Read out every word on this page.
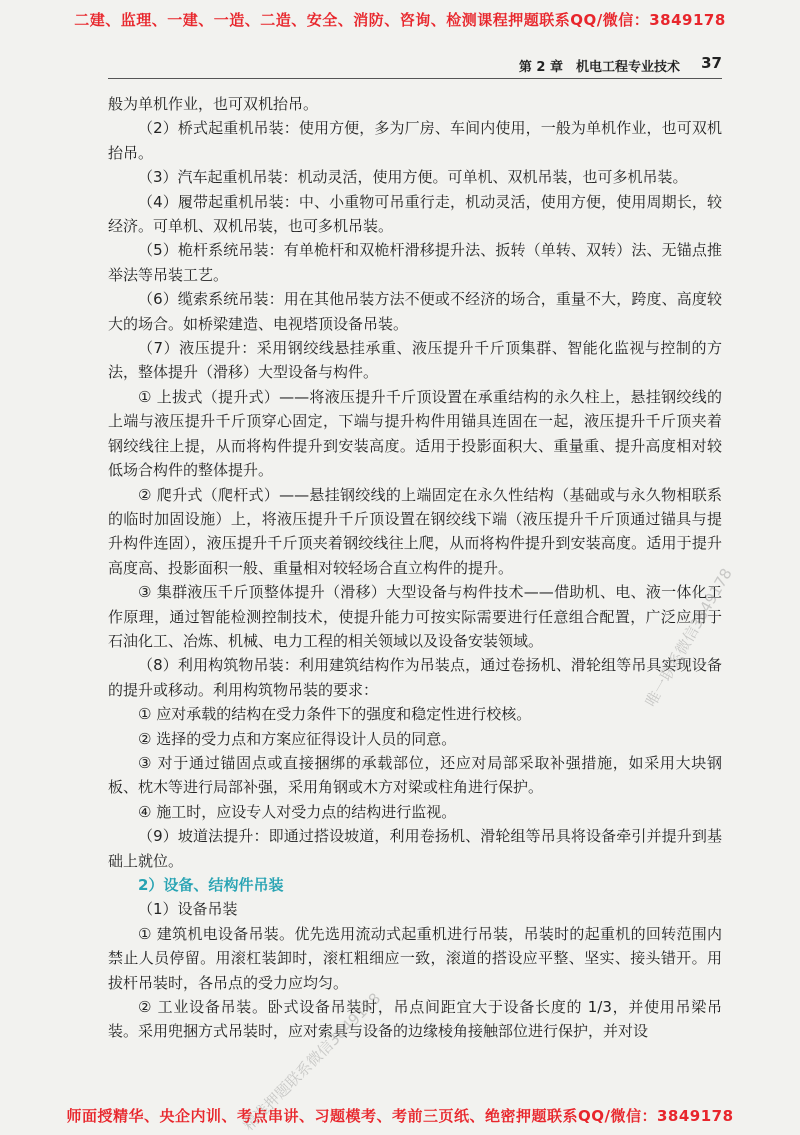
二建、监理、一建、一造、二造、安全、消防、咨询、检测课程押题联系QQ/微信：3849178
第 2 章　机电工程专业技术 37

般为单机作业，也可双机抬吊。

（2）桥式起重机吊装：使用方便，多为厂房、车间内使用，一般为单机作业，也可双机抬吊。

（3）汽车起重机吊装：机动灵活，使用方便。可单机、双机吊装，也可多机吊装。

（4）履带起重机吊装：中、小重物可吊重行走，机动灵活，使用方便，使用周期长，较经济。可单机、双机吊装，也可多机吊装。

（5）桅杆系统吊装：有单桅杆和双桅杆滑移提升法、扳转（单转、双转）法、无锚点推举法等吊装工艺。

（6）缆索系统吊装：用在其他吊装方法不便或不经济的场合，重量不大，跨度、高度较大的场合。如桥梁建造、电视塔顶设备吊装。

（7）液压提升：采用钢绞线悬挂承重、液压提升千斤顶集群、智能化监视与控制的方法，整体提升（滑移）大型设备与构件。

① 上拔式（提升式）——将液压提升千斤顶设置在承重结构的永久柱上，悬挂钢绞线的上端与液压提升千斤顶穿心固定，下端与提升构件用锚具连固在一起，液压提升千斤顶夹着钢绞线往上提，从而将构件提升到安装高度。适用于投影面积大、重量重、提升高度相对较低场合构件的整体提升。

② 爬升式（爬杆式）——悬挂钢绞线的上端固定在永久性结构（基础或与永久物相联系的临时加固设施）上，将液压提升千斤顶设置在钢绞线下端（液压提升千斤顶通过锚具与提升构件连固），液压提升千斤顶夹着钢绞线往上爬，从而将构件提升到安装高度。适用于提升高度高、投影面积一般、重量相对较轻场合直立构件的提升。

③ 集群液压千斤顶整体提升（滑移）大型设备与构件技术——借助机、电、液一体化工作原理，通过智能检测控制技术，使提升能力可按实际需要进行任意组合配置，广泛应用于石油化工、冶炼、机械、电力工程的相关领域以及设备安装领域。

（8）利用构筑物吊装：利用建筑结构作为吊装点，通过卷扬机、滑轮组等吊具实现设备的提升或移动。利用构筑物吊装的要求：

① 应对承载的结构在受力条件下的强度和稳定性进行校核。

② 选择的受力点和方案应征得设计人员的同意。

③ 对于通过锚固点或直接捆绑的承载部位，还应对局部采取补强措施，如采用大块钢板、枕木等进行局部补强，采用角钢或木方对梁或柱角进行保护。

④ 施工时，应设专人对受力点的结构进行监视。

（9）坡道法提升：即通过搭设坡道，利用卷扬机、滑轮组等吊具将设备牵引并提升到基础上就位。

2）设备、结构件吊装

（1）设备吊装

① 建筑机电设备吊装。优先选用流动式起重机进行吊装，吊装时的起重机的回转范围内禁止人员停留。用滚杠装卸时，滚杠粗细应一致，滚道的搭设应平整、坚实、接头错开。用拔杆吊装时，各吊点的受力应均匀。

② 工业设备吊装。卧式设备吊装时，吊点间距宜大于设备长度的 1/3，并使用吊梁吊装。采用兜捆方式吊装时，应对索具与设备的边缘棱角接触部位进行保护，并对设

唯一联系微信3849178
精准押题联系微信3849178
师面授精华、央企内训、考点串讲、习题模考、考前三页纸、绝密押题联系QQ/微信：3849178
